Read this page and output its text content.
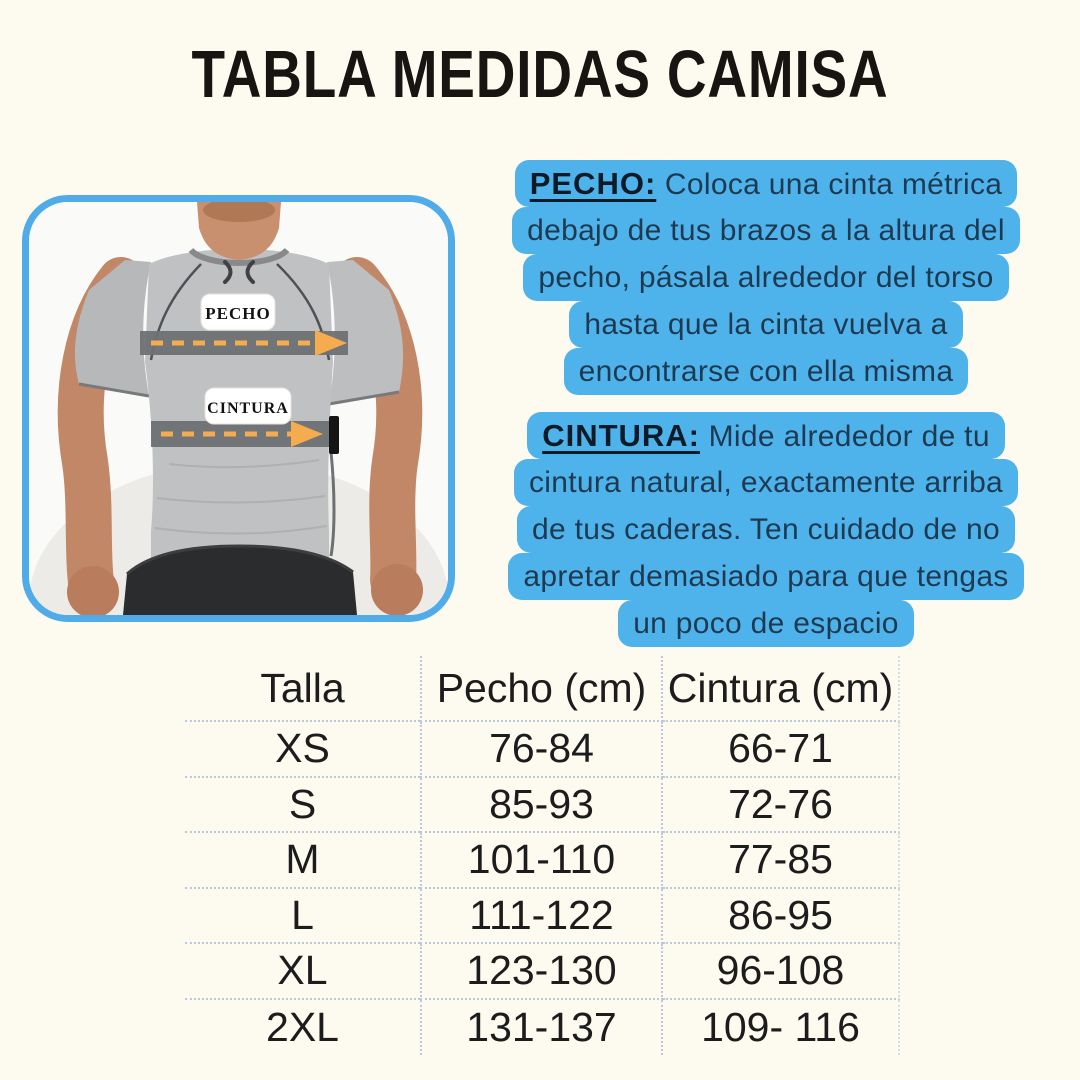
TABLA MEDIDAS CAMISA
PECHO
CINTURA
PECHO: Coloca una cinta métrica
debajo de tus brazos a la altura del
pecho, pásala alrededor del torso
hasta que la cinta vuelva a
encontrarse con ella misma
CINTURA: Mide alrededor de tu
cintura natural, exactamente arriba
de tus caderas. Ten cuidado de no
apretar demasiado para que tengas
un poco de espacio
Talla	Pecho (cm) Cintura (cm)
XS	76-84	66-71
S	85-93	72-76
M	101-110	77-85
L	111-122	86-95
XL	123-130	96-108
2XL	131-137	109- 116
